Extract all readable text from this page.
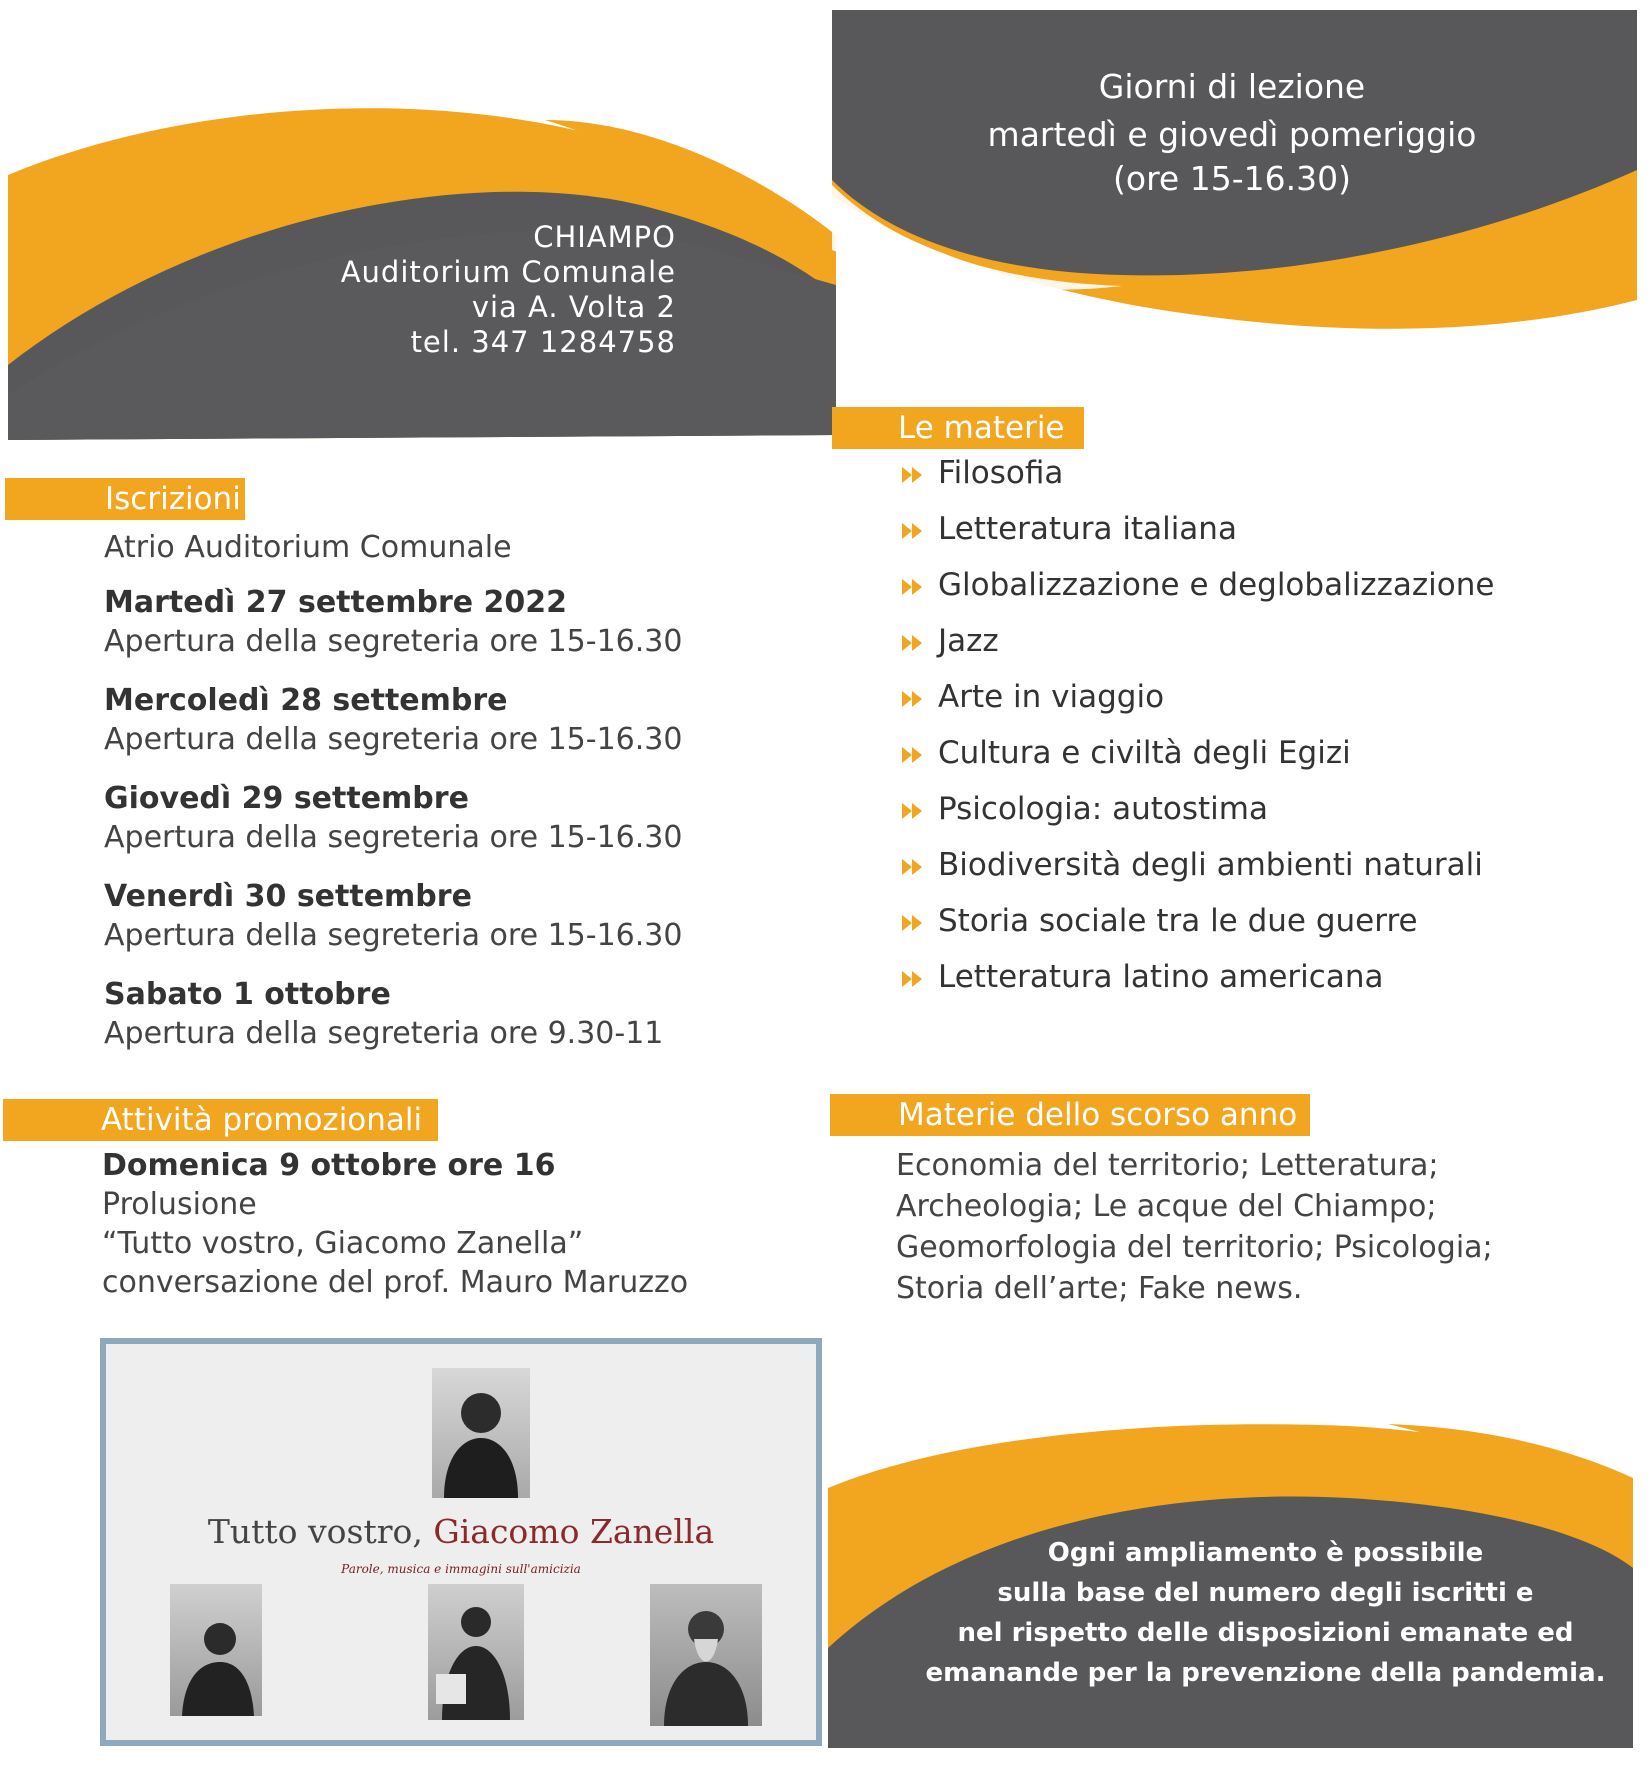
CHIAMPO
Auditorium Comunale
via A. Volta 2
tel. 347 1284758
Giorni di lezione
martedì e giovedì pomeriggio
(ore 15-16.30)
Iscrizioni
Atrio Auditorium Comunale
Martedì 27 settembre 2022
Apertura della segreteria ore 15-16.30
Mercoledì 28 settembre
Apertura della segreteria ore 15-16.30
Giovedì 29 settembre
Apertura della segreteria ore 15-16.30
Venerdì 30 settembre
Apertura della segreteria ore 15-16.30
Sabato 1 ottobre
Apertura della segreteria ore 9.30-11
Attività promozionali
Domenica 9 ottobre ore 16
Prolusione
“Tutto vostro, Giacomo Zanella”
conversazione del prof. Mauro Maruzzo
Tutto vostro, Giacomo Zanella
Parole, musica e immagini sull'amicizia
Le materie
Filosofia
Letteratura italiana
Globalizzazione e deglobalizzazione
Jazz
Arte in viaggio
Cultura e civiltà degli Egizi
Psicologia: autostima
Biodiversità degli ambienti naturali
Storia sociale tra le due guerre
Letteratura latino americana
Materie dello scorso anno
Economia del territorio; Letteratura;
Archeologia; Le acque del Chiampo;
Geomorfologia del territorio; Psicologia;
Storia dell’arte; Fake news.
Ogni ampliamento è possibile
sulla base del numero degli iscritti e
nel rispetto delle disposizioni emanate ed
emanande per la prevenzione della pandemia.
